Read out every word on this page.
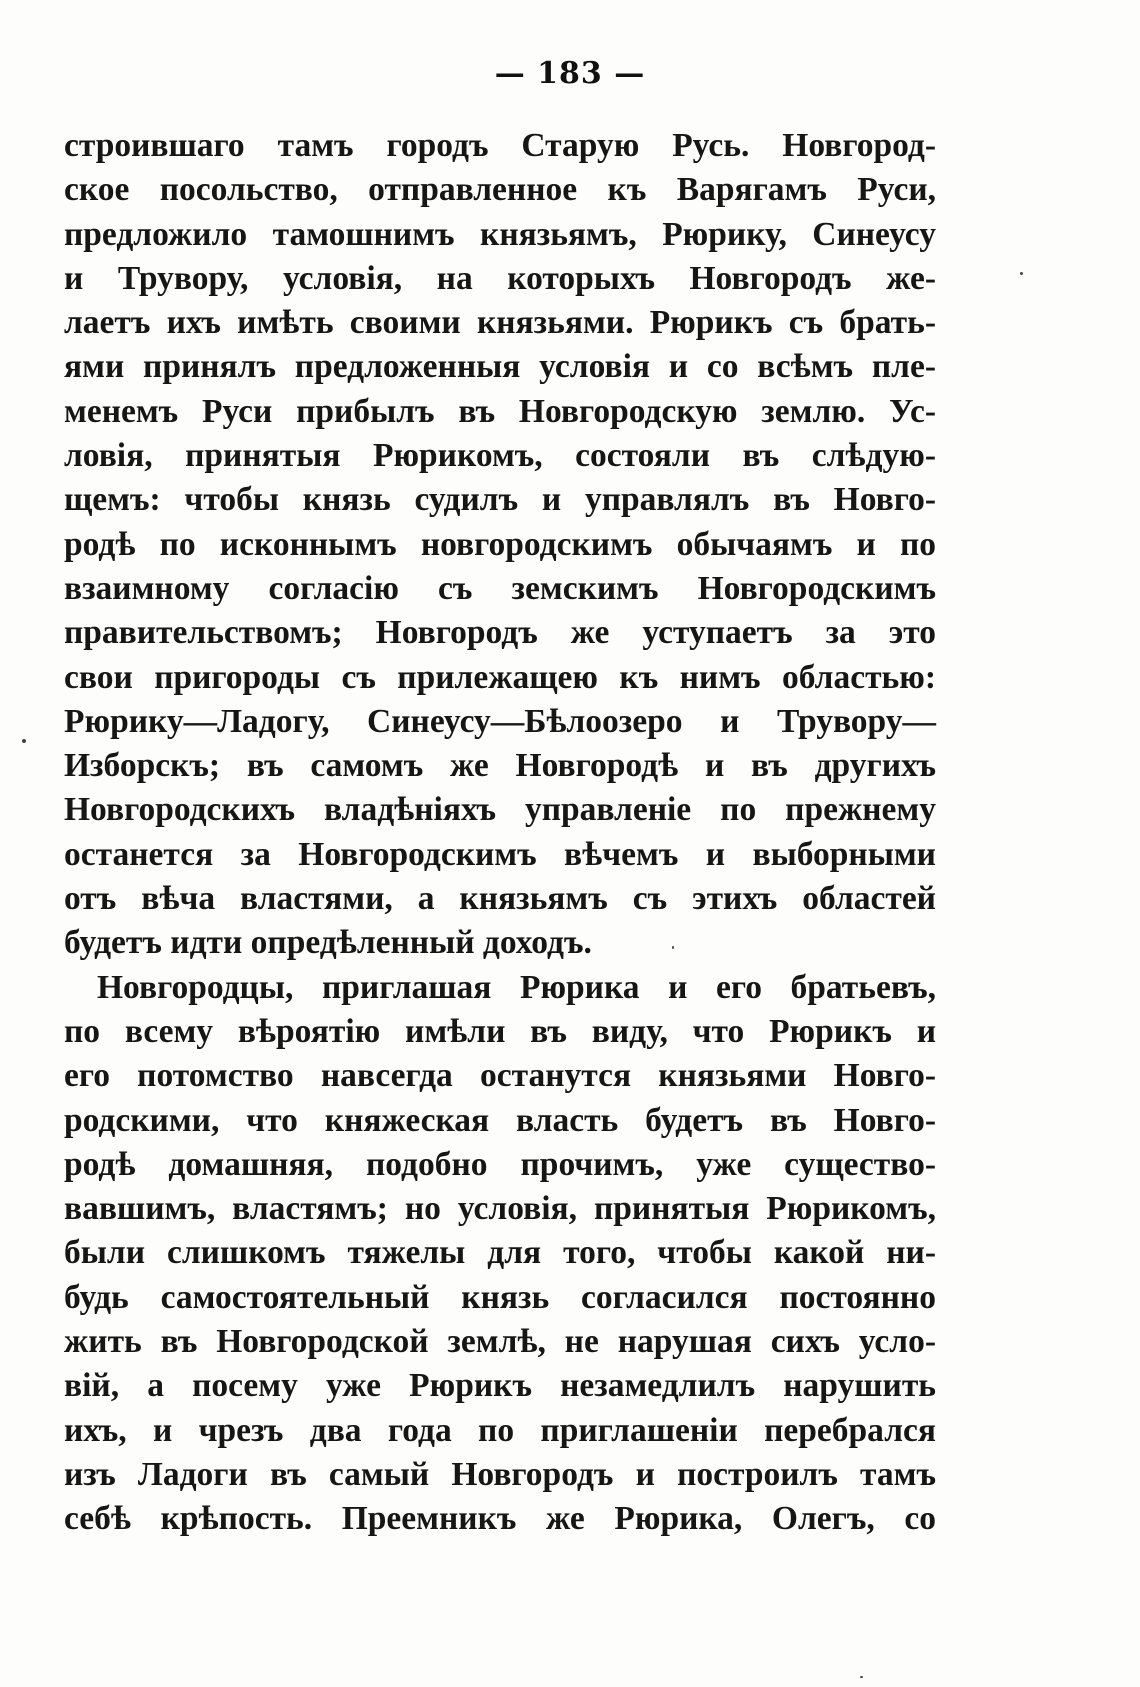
— 183 —
строившаго тамъ городъ Старую Русь. Новгород-
ское посольство, отправленное къ Варягамъ Руси,
предложило тамошнимъ князьямъ, Рюрику, Синеусу
и Трувору, условія, на которыхъ Новгородъ же-
лаетъ ихъ имѣть своими князьями. Рюрикъ съ брать-
ями принялъ предложенныя условія и со всѣмъ пле-
менемъ Руси прибылъ въ Новгородскую землю. Ус-
ловія, принятыя Рюрикомъ, состояли въ слѣдую-
щемъ: чтобы князь судилъ и управлялъ въ Новго-
родѣ по исконнымъ новгородскимъ обычаямъ и по
взаимному согласію съ земскимъ Новгородскимъ
правительствомъ; Новгородъ же уступаетъ за это
свои пригороды съ прилежащею къ нимъ областью:
Рюрику—Ладогу, Синеусу—Бѣлоозеро и Трувору—
Изборскъ; въ самомъ же Новгородѣ и въ другихъ
Новгородскихъ владѣніяхъ управленіе по прежнему
останется за Новгородскимъ вѣчемъ и выборными
отъ вѣча властями, а князьямъ съ этихъ областей
будетъ идти опредѣленный доходъ.
Новгородцы, приглашая Рюрика и его братьевъ,
по всему вѣроятію имѣли въ виду, что Рюрикъ и
его потомство навсегда останутся князьями Новго-
родскими, что княжеская власть будетъ въ Новго-
родѣ домашняя, подобно прочимъ, уже существо-
вавшимъ, властямъ; но условія, принятыя Рюрикомъ,
были слишкомъ тяжелы для того, чтобы какой ни-
будь самостоятельный князь согласился постоянно
жить въ Новгородской землѣ, не нарушая сихъ усло-
вій, а посему уже Рюрикъ незамедлилъ нарушить
ихъ, и чрезъ два года по приглашеніи перебрался
изъ Ладоги въ самый Новгородъ и построилъ тамъ
себѣ крѣпость. Преемникъ же Рюрика, Олегъ, со
